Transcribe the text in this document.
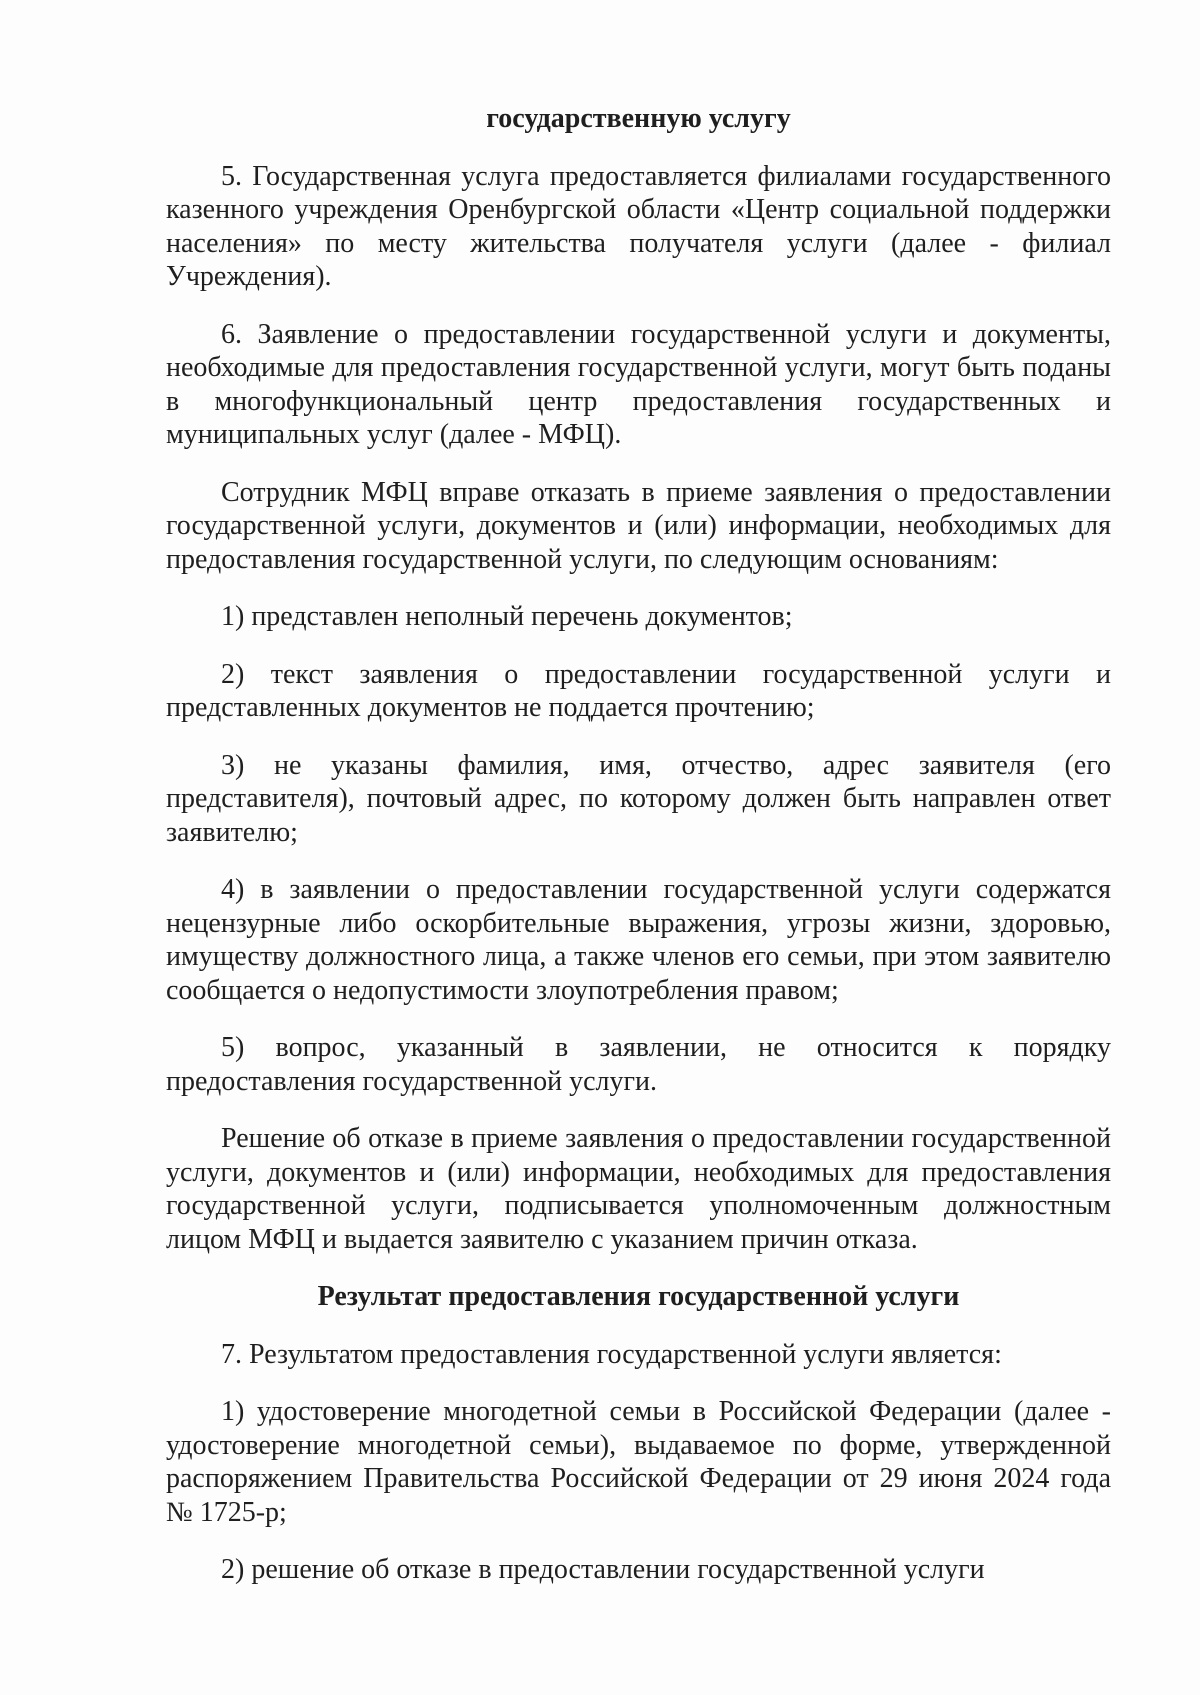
государственную услугу

5. Государственная услуга предоставляется филиалами государственного казенного учреждения Оренбургской области «Центр социальной поддержки населения» по месту жительства получателя услуги (далее - филиал Учреждения).

6. Заявление о предоставлении государственной услуги и документы, необходимые для предоставления государственной услуги, могут быть поданы в многофункциональный центр предоставления государственных и муниципальных услуг (далее - МФЦ).

Сотрудник МФЦ вправе отказать в приеме заявления о предоставлении государственной услуги, документов и (или) информации, необходимых для предоставления государственной услуги, по следующим основаниям:

1) представлен неполный перечень документов;

2) текст заявления о предоставлении государственной услуги и представленных документов не поддается прочтению;

3) не указаны фамилия, имя, отчество, адрес заявителя (его представителя), почтовый адрес, по которому должен быть направлен ответ заявителю;

4) в заявлении о предоставлении государственной услуги содержатся нецензурные либо оскорбительные выражения, угрозы жизни, здоровью, имуществу должностного лица, а также членов его семьи, при этом заявителю сообщается о недопустимости злоупотребления правом;

5) вопрос, указанный в заявлении, не относится к порядку предоставления государственной услуги.

Решение об отказе в приеме заявления о предоставлении государственной услуги, документов и (или) информации, необходимых для предоставления государственной услуги, подписывается уполномоченным должностным лицом МФЦ и выдается заявителю с указанием причин отказа.

Результат предоставления государственной услуги

7. Результатом предоставления государственной услуги является:

1) удостоверение многодетной семьи в Российской Федерации (далее - удостоверение многодетной семьи), выдаваемое по форме, утвержденной распоряжением Правительства Российской Федерации от 29 июня 2024 года № 1725-р;

2) решение об отказе в предоставлении государственной услуги
